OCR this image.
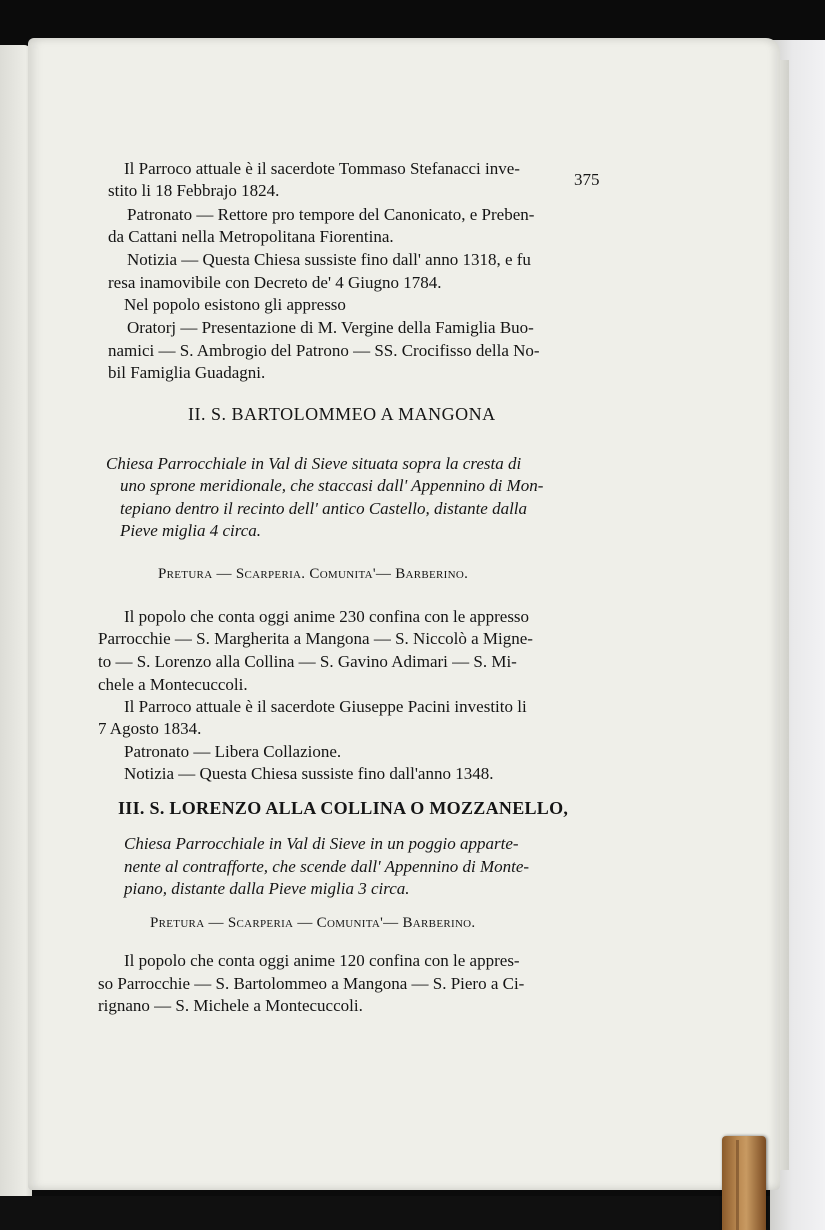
375
Il Parroco attuale è il sacerdote Tommaso Stefanacci inve-
stito li 18 Febbrajo 1824.
Patronato — Rettore pro tempore del Canonicato, e Preben-
da Cattani nella Metropolitana Fiorentina.
Notizia — Questa Chiesa sussiste fino dall' anno 1318, e fu
resa inamovibile con Decreto de' 4 Giugno 1784.
Nel popolo esistono gli appresso
Oratorj — Presentazione di M. Vergine della Famiglia Buo-
namici — S. Ambrogio del Patrono — SS. Crocifisso della No-
bil Famiglia Guadagni.
II. S. BARTOLOMMEO A MANGONA
Chiesa Parrocchiale in Val di Sieve situata sopra la cresta di
uno sprone meridionale, che staccasi dall' Appennino di Mon-
tepiano dentro il recinto dell' antico Castello, distante dalla
Pieve miglia 4 circa.
Pretura — Scarperia. Comunita'— Barberino.
Il popolo che conta oggi anime 230 confina con le appresso
Parrocchie — S. Margherita a Mangona — S. Niccolò a Migne-
to — S. Lorenzo alla Collina — S. Gavino Adimari — S. Mi-
chele a Montecuccoli.
Il Parroco attuale è il sacerdote Giuseppe Pacini investito li
7 Agosto 1834.
Patronato — Libera Collazione.
Notizia — Questa Chiesa sussiste fino dall'anno 1348.
III. S. LORENZO ALLA COLLINA O MOZZANELLO,
Chiesa Parrocchiale in Val di Sieve in un poggio apparte-
nente al contrafforte, che scende dall' Appennino di Monte-
piano, distante dalla Pieve miglia 3 circa.
Pretura — Scarperia — Comunita'— Barberino.
Il popolo che conta oggi anime 120 confina con le appres-
so Parrocchie — S. Bartolommeo a Mangona — S. Piero a Ci-
rignano — S. Michele a Montecuccoli.
